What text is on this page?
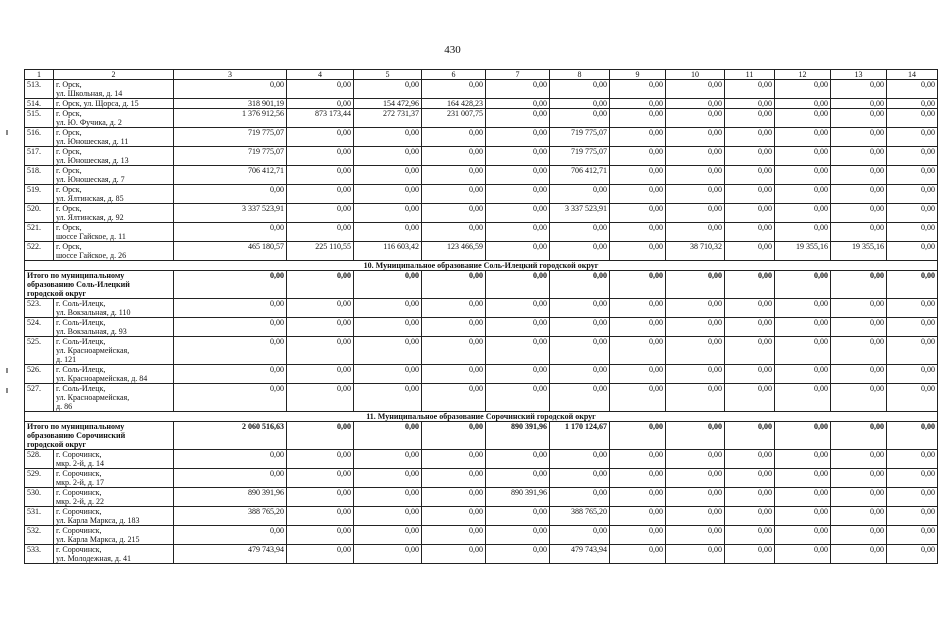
430
1	2	3	4	5	6	7	8	9	10	11	12	13	14
513.	г. Орск,
ул. Школьная, д. 14	0,00	0,00	0,00	0,00	0,00	0,00	0,00	0,00	0,00	0,00	0,00	0,00
514.	г. Орск, ул. Щорса, д. 15	318 901,19	0,00	154 472,96	164 428,23	0,00	0,00	0,00	0,00	0,00	0,00	0,00	0,00
515.	г. Орск,
ул. Ю. Фучика, д. 2	1 376 912,56	873 173,44	272 731,37	231 007,75	0,00	0,00	0,00	0,00	0,00	0,00	0,00	0,00
516.	г. Орск,
ул. Юношеская, д. 11	719 775,07	0,00	0,00	0,00	0,00	719 775,07	0,00	0,00	0,00	0,00	0,00	0,00
517.	г. Орск,
ул. Юношеская, д. 13	719 775,07	0,00	0,00	0,00	0,00	719 775,07	0,00	0,00	0,00	0,00	0,00	0,00
518.	г. Орск,
ул. Юношеская, д. 7	706 412,71	0,00	0,00	0,00	0,00	706 412,71	0,00	0,00	0,00	0,00	0,00	0,00
519.	г. Орск,
ул. Ялтинская, д. 85	0,00	0,00	0,00	0,00	0,00	0,00	0,00	0,00	0,00	0,00	0,00	0,00
520.	г. Орск,
ул. Ялтинская, д. 92	3 337 523,91	0,00	0,00	0,00	0,00	3 337 523,91	0,00	0,00	0,00	0,00	0,00	0,00
521.	г. Орск,
шоссе Гайское, д. 11	0,00	0,00	0,00	0,00	0,00	0,00	0,00	0,00	0,00	0,00	0,00	0,00
522.	г. Орск,
шоссе Гайское, д. 26	465 180,57	225 110,55	116 603,42	123 466,59	0,00	0,00	0,00	38 710,32	0,00	19 355,16	19 355,16	0,00
10. Муниципальное образование Соль-Илецкий городской округ													
Итого по муниципальному
образованию Соль-Илецкий
городской округ		0,00	0,00	0,00	0,00	0,00	0,00	0,00	0,00	0,00	0,00	0,00	0,00
523.	г. Соль-Илецк,
ул. Вокзальная, д. 110	0,00	0,00	0,00	0,00	0,00	0,00	0,00	0,00	0,00	0,00	0,00	0,00
524.	г. Соль-Илецк,
ул. Вокзальная, д. 93	0,00	0,00	0,00	0,00	0,00	0,00	0,00	0,00	0,00	0,00	0,00	0,00
525.	г. Соль-Илецк,
ул. Красноармейская,
д. 121	0,00	0,00	0,00	0,00	0,00	0,00	0,00	0,00	0,00	0,00	0,00	0,00
526.	г. Соль-Илецк,
ул. Красноармейская, д. 84	0,00	0,00	0,00	0,00	0,00	0,00	0,00	0,00	0,00	0,00	0,00	0,00
527.	г. Соль-Илецк,
ул. Красноармейская,
д. 86	0,00	0,00	0,00	0,00	0,00	0,00	0,00	0,00	0,00	0,00	0,00	0,00
11. Муниципальное образование Сорочинский городской округ													
Итого по муниципальному
образованию Сорочинский
городской округ		2 060 516,63	0,00	0,00	0,00	890 391,96	1 170 124,67	0,00	0,00	0,00	0,00	0,00	0,00
528.	г. Сорочинск,
мкр. 2-й, д. 14	0,00	0,00	0,00	0,00	0,00	0,00	0,00	0,00	0,00	0,00	0,00	0,00
529.	г. Сорочинск,
мкр. 2-й, д. 17	0,00	0,00	0,00	0,00	0,00	0,00	0,00	0,00	0,00	0,00	0,00	0,00
530.	г. Сорочинск,
мкр. 2-й, д. 22	890 391,96	0,00	0,00	0,00	890 391,96	0,00	0,00	0,00	0,00	0,00	0,00	0,00
531.	г. Сорочинск,
ул. Карла Маркса, д. 183	388 765,20	0,00	0,00	0,00	0,00	388 765,20	0,00	0,00	0,00	0,00	0,00	0,00
532.	г. Сорочинск,
ул. Карла Маркса, д. 215	0,00	0,00	0,00	0,00	0,00	0,00	0,00	0,00	0,00	0,00	0,00	0,00
533.	г. Сорочинск,
ул. Молодежная, д. 41	479 743,94	0,00	0,00	0,00	0,00	479 743,94	0,00	0,00	0,00	0,00	0,00	0,00
